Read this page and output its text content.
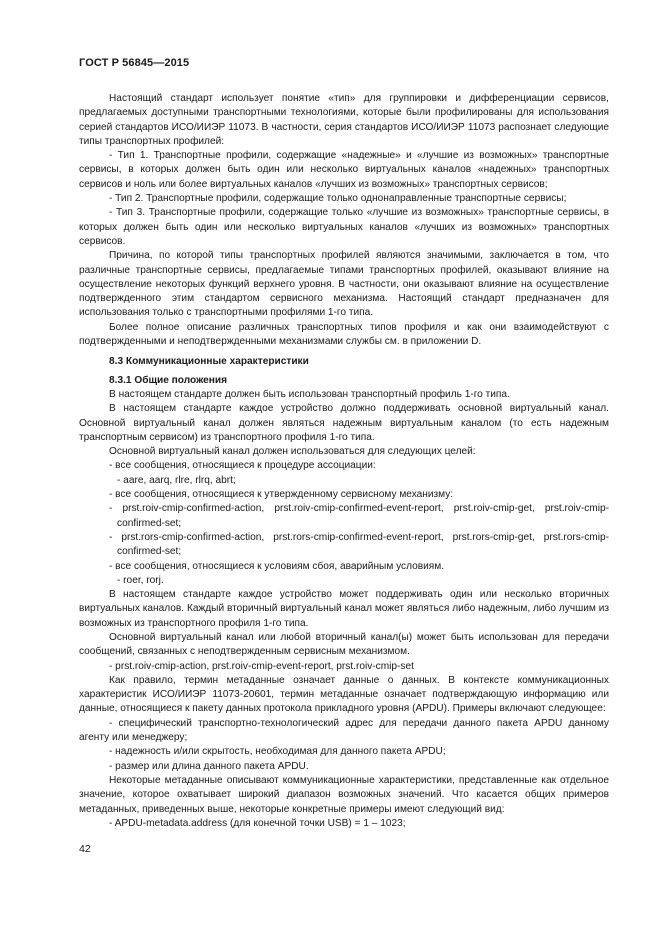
ГОСТ Р 56845—2015

Настоящий стандарт использует понятие «тип» для группировки и дифференциации сервисов, предлагаемых доступными транспортными технологиями, которые были профилированы для использования серией стандартов ИСО/ИИЭР 11073. В частности, серия стандартов ИСО/ИИЭР 11073 распознает следующие типы транспортных профилей:

- Тип 1. Транспортные профили, содержащие «надежные» и «лучшие из возможных» транспортные сервисы, в которых должен быть один или несколько виртуальных каналов «надежных» транспортных сервисов и ноль или более виртуальных каналов «лучших из возможных» транспортных сервисов;

- Тип 2. Транспортные профили, содержащие только однонаправленные транспортные сервисы;

- Тип 3. Транспортные профили, содержащие только «лучшие из возможных» транспортные сервисы, в которых должен быть один или несколько виртуальных каналов «лучших из возможных» транспортных сервисов.

Причина, по которой типы транспортных профилей являются значимыми, заключается в том, что различные транспортные сервисы, предлагаемые типами транспортных профилей, оказывают влияние на осуществление некоторых функций верхнего уровня. В частности, они оказывают влияние на осуществление подтвержденного этим стандартом сервисного механизма. Настоящий стандарт предназначен для использования только с транспортными профилями 1-го типа.

Более полное описание различных транспортных типов профиля и как они взаимодействуют с подтвержденными и неподтвержденными механизмами службы см. в приложении D.

8.3 Коммуникационные характеристики

8.3.1 Общие положения

В настоящем стандарте должен быть использован транспортный профиль 1-го типа.

В настоящем стандарте каждое устройство должно поддерживать основной виртуальный канал. Основной виртуальный канал должен являться надежным виртуальным каналом (то есть надежным транспортным сервисом) из транспортного профиля 1-го типа.

Основной виртуальный канал должен использоваться для следующих целей:

- все сообщения, относящиеся к процедуре ассоциации:

- aare, aarq, rlre, rlrq, abrt;

- все сообщения, относящиеся к утвержденному сервисному механизму:

- prst.roiv-cmip-confirmed-action, prst.roiv-cmip-confirmed-event-report, prst.roiv-cmip-get, prst.roiv-cmip-confirmed-set;

- prst.rors-cmip-confirmed-action, prst.rors-cmip-confirmed-event-report, prst.rors-cmip-get, prst.rors-cmip-confirmed-set;

- все сообщения, относящиеся к условиям сбоя, аварийным условиям.

- roer, rorj.

В настоящем стандарте каждое устройство может поддерживать один или несколько вторичных виртуальных каналов. Каждый вторичный виртуальный канал может являться либо надежным, либо лучшим из возможных из транспортного профиля 1-го типа.

Основной виртуальный канал или любой вторичный канал(ы) может быть использован для передачи сообщений, связанных с неподтвержденным сервисным механизмом.

- prst.roiv-cmip-action, prst.roiv-cmip-event-report, prst.roiv-cmip-set

Как правило, термин метаданные означает данные о данных. В контексте коммуникационных характеристик ИСО/ИИЭР 11073-20601, термин метаданные означает подтверждающую информацию или данные, относящиеся к пакету данных протокола прикладного уровня (APDU). Примеры включают следующее:

- специфический транспортно-технологический адрес для передачи данного пакета APDU данному агенту или менеджеру;

- надежность и/или скрытость, необходимая для данного пакета APDU;

- размер или длина данного пакета APDU.

Некоторые метаданные описывают коммуникационные характеристики, представленные как отдельное значение, которое охватывает широкий диапазон возможных значений. Что касается общих примеров метаданных, приведенных выше, некоторые конкретные примеры имеют следующий вид:

- APDU-metadata.address (для конечной точки USB) = 1 – 1023;

42
